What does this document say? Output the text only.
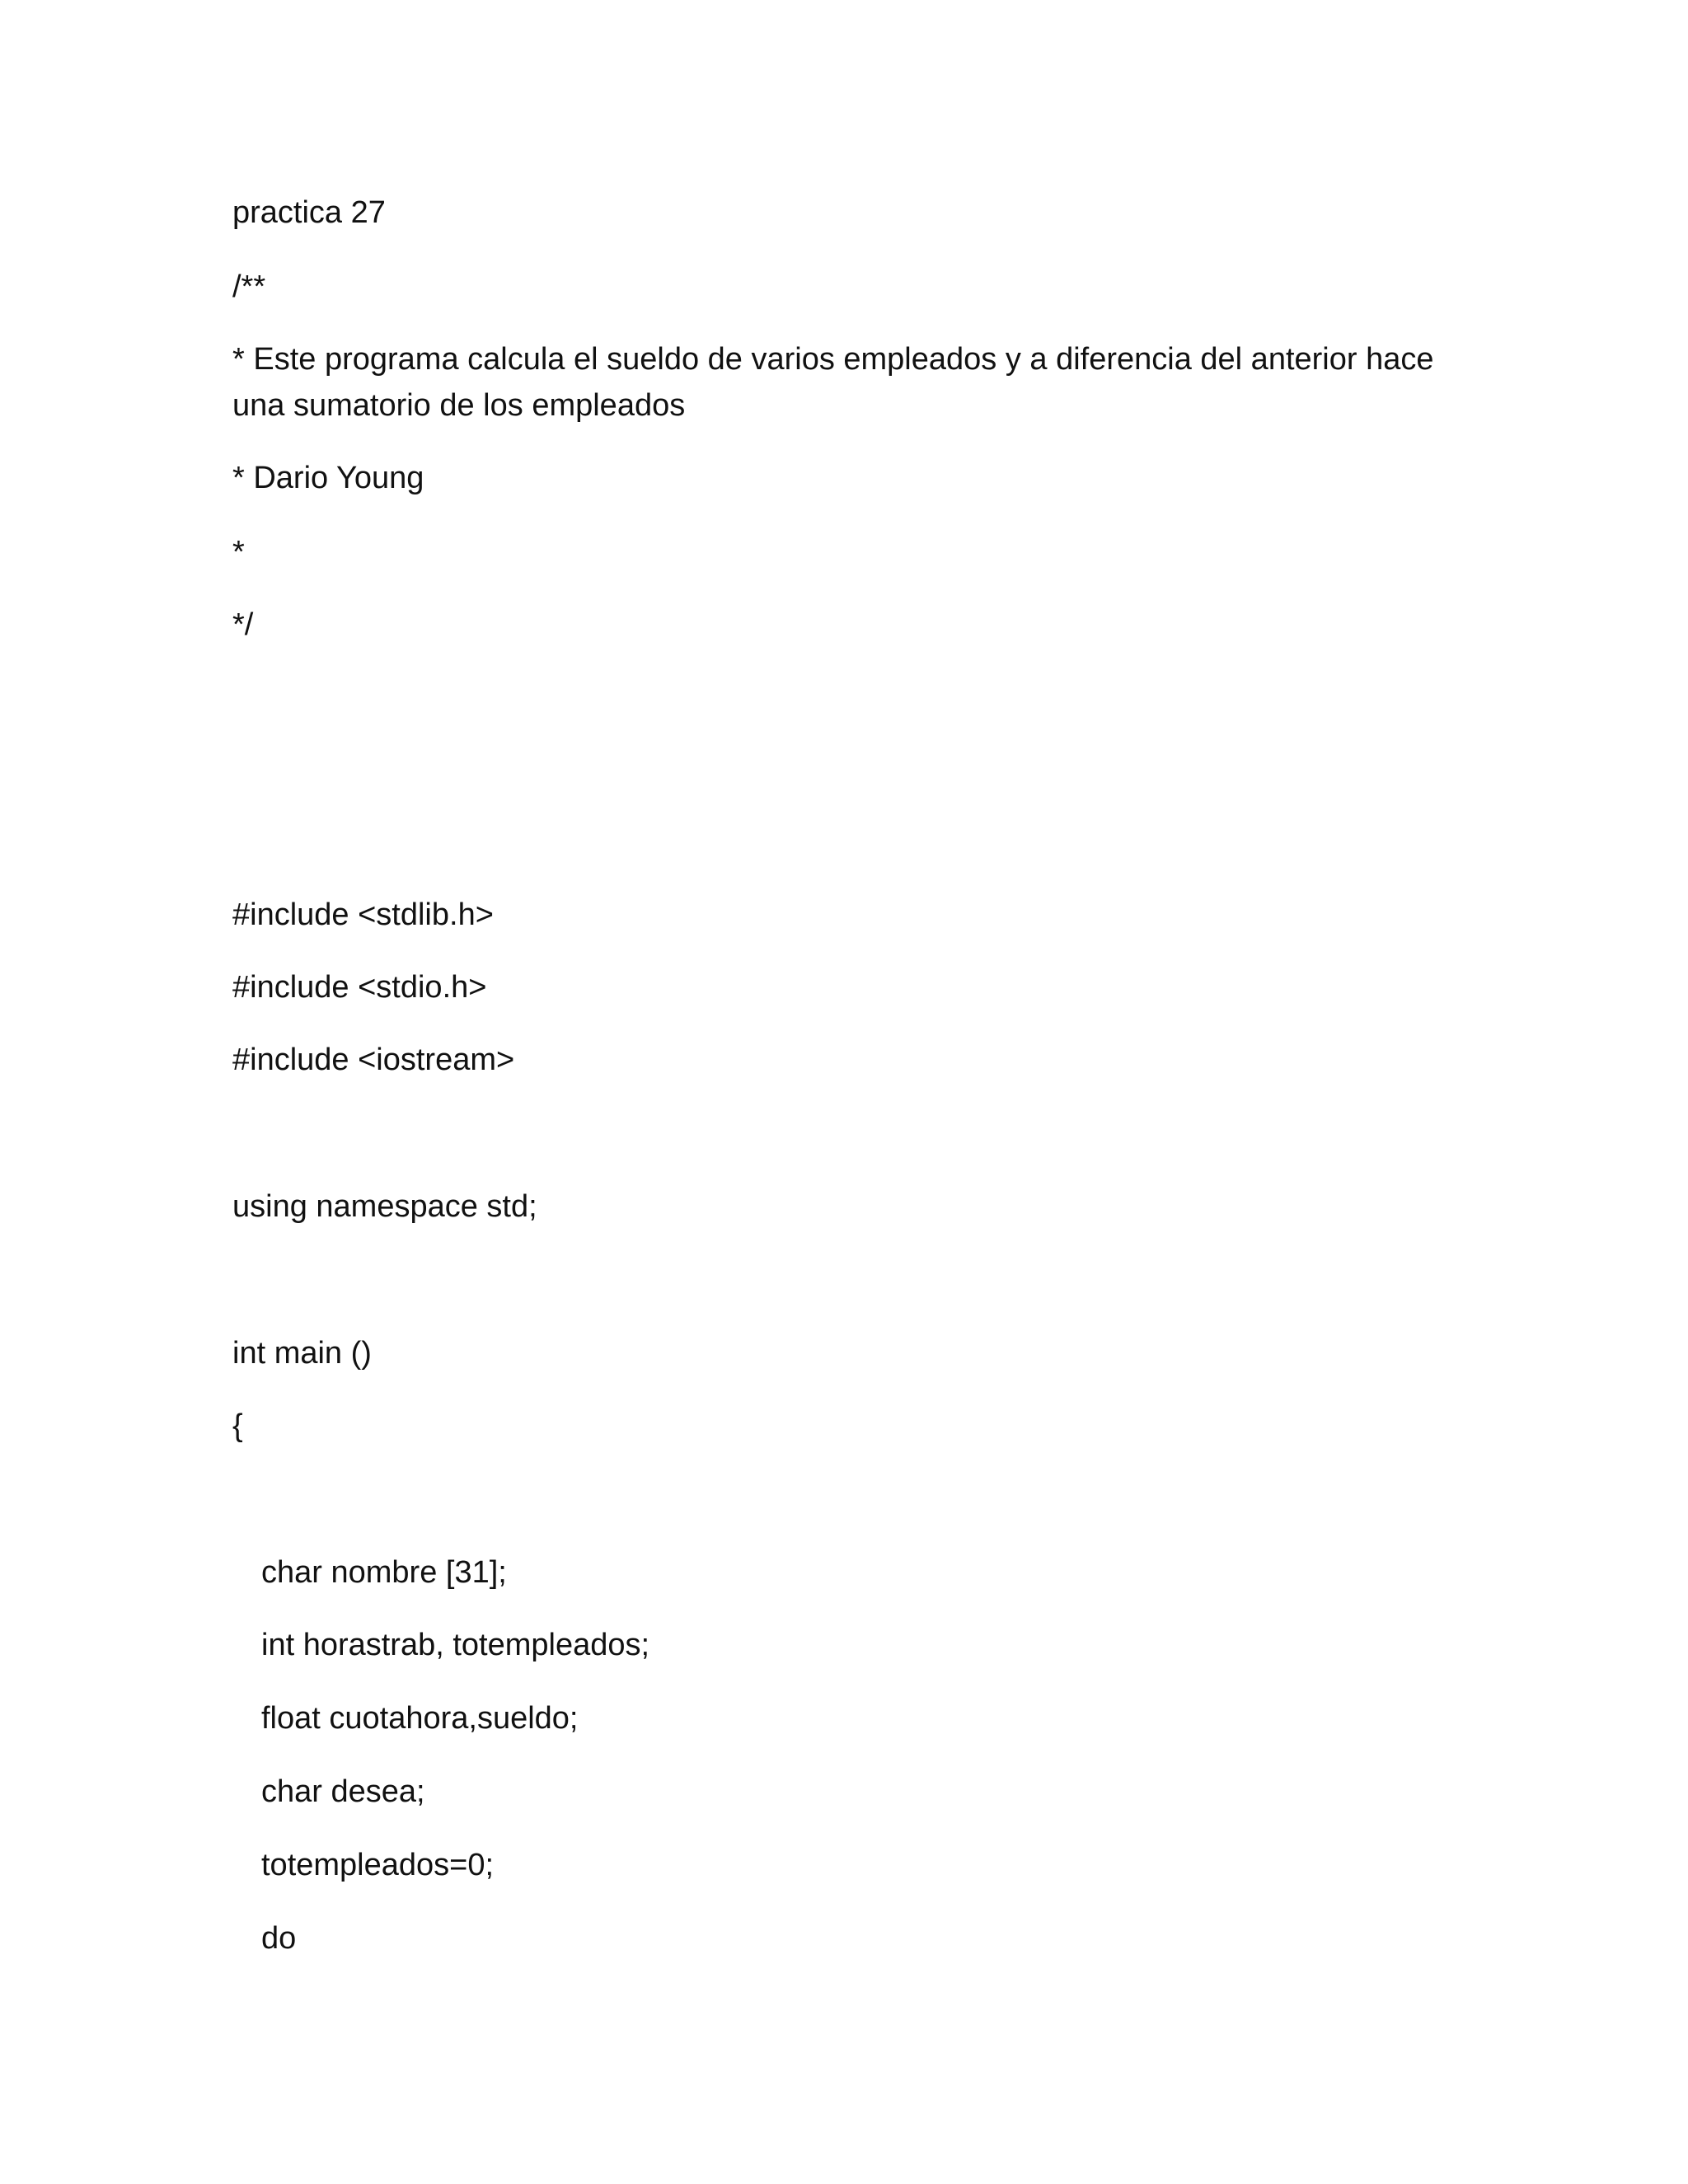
practica 27
/**
* Este programa calcula el sueldo de varios empleados y a diferencia del anterior hace una sumatorio de los empleados
* Dario Young
*
*/
#include <stdlib.h>
#include <stdio.h>
#include <iostream>
using namespace std;
int main ()
{
char nombre [31];
int horastrab, totempleados;
float cuotahora,sueldo;
char desea;
totempleados=0;
do
